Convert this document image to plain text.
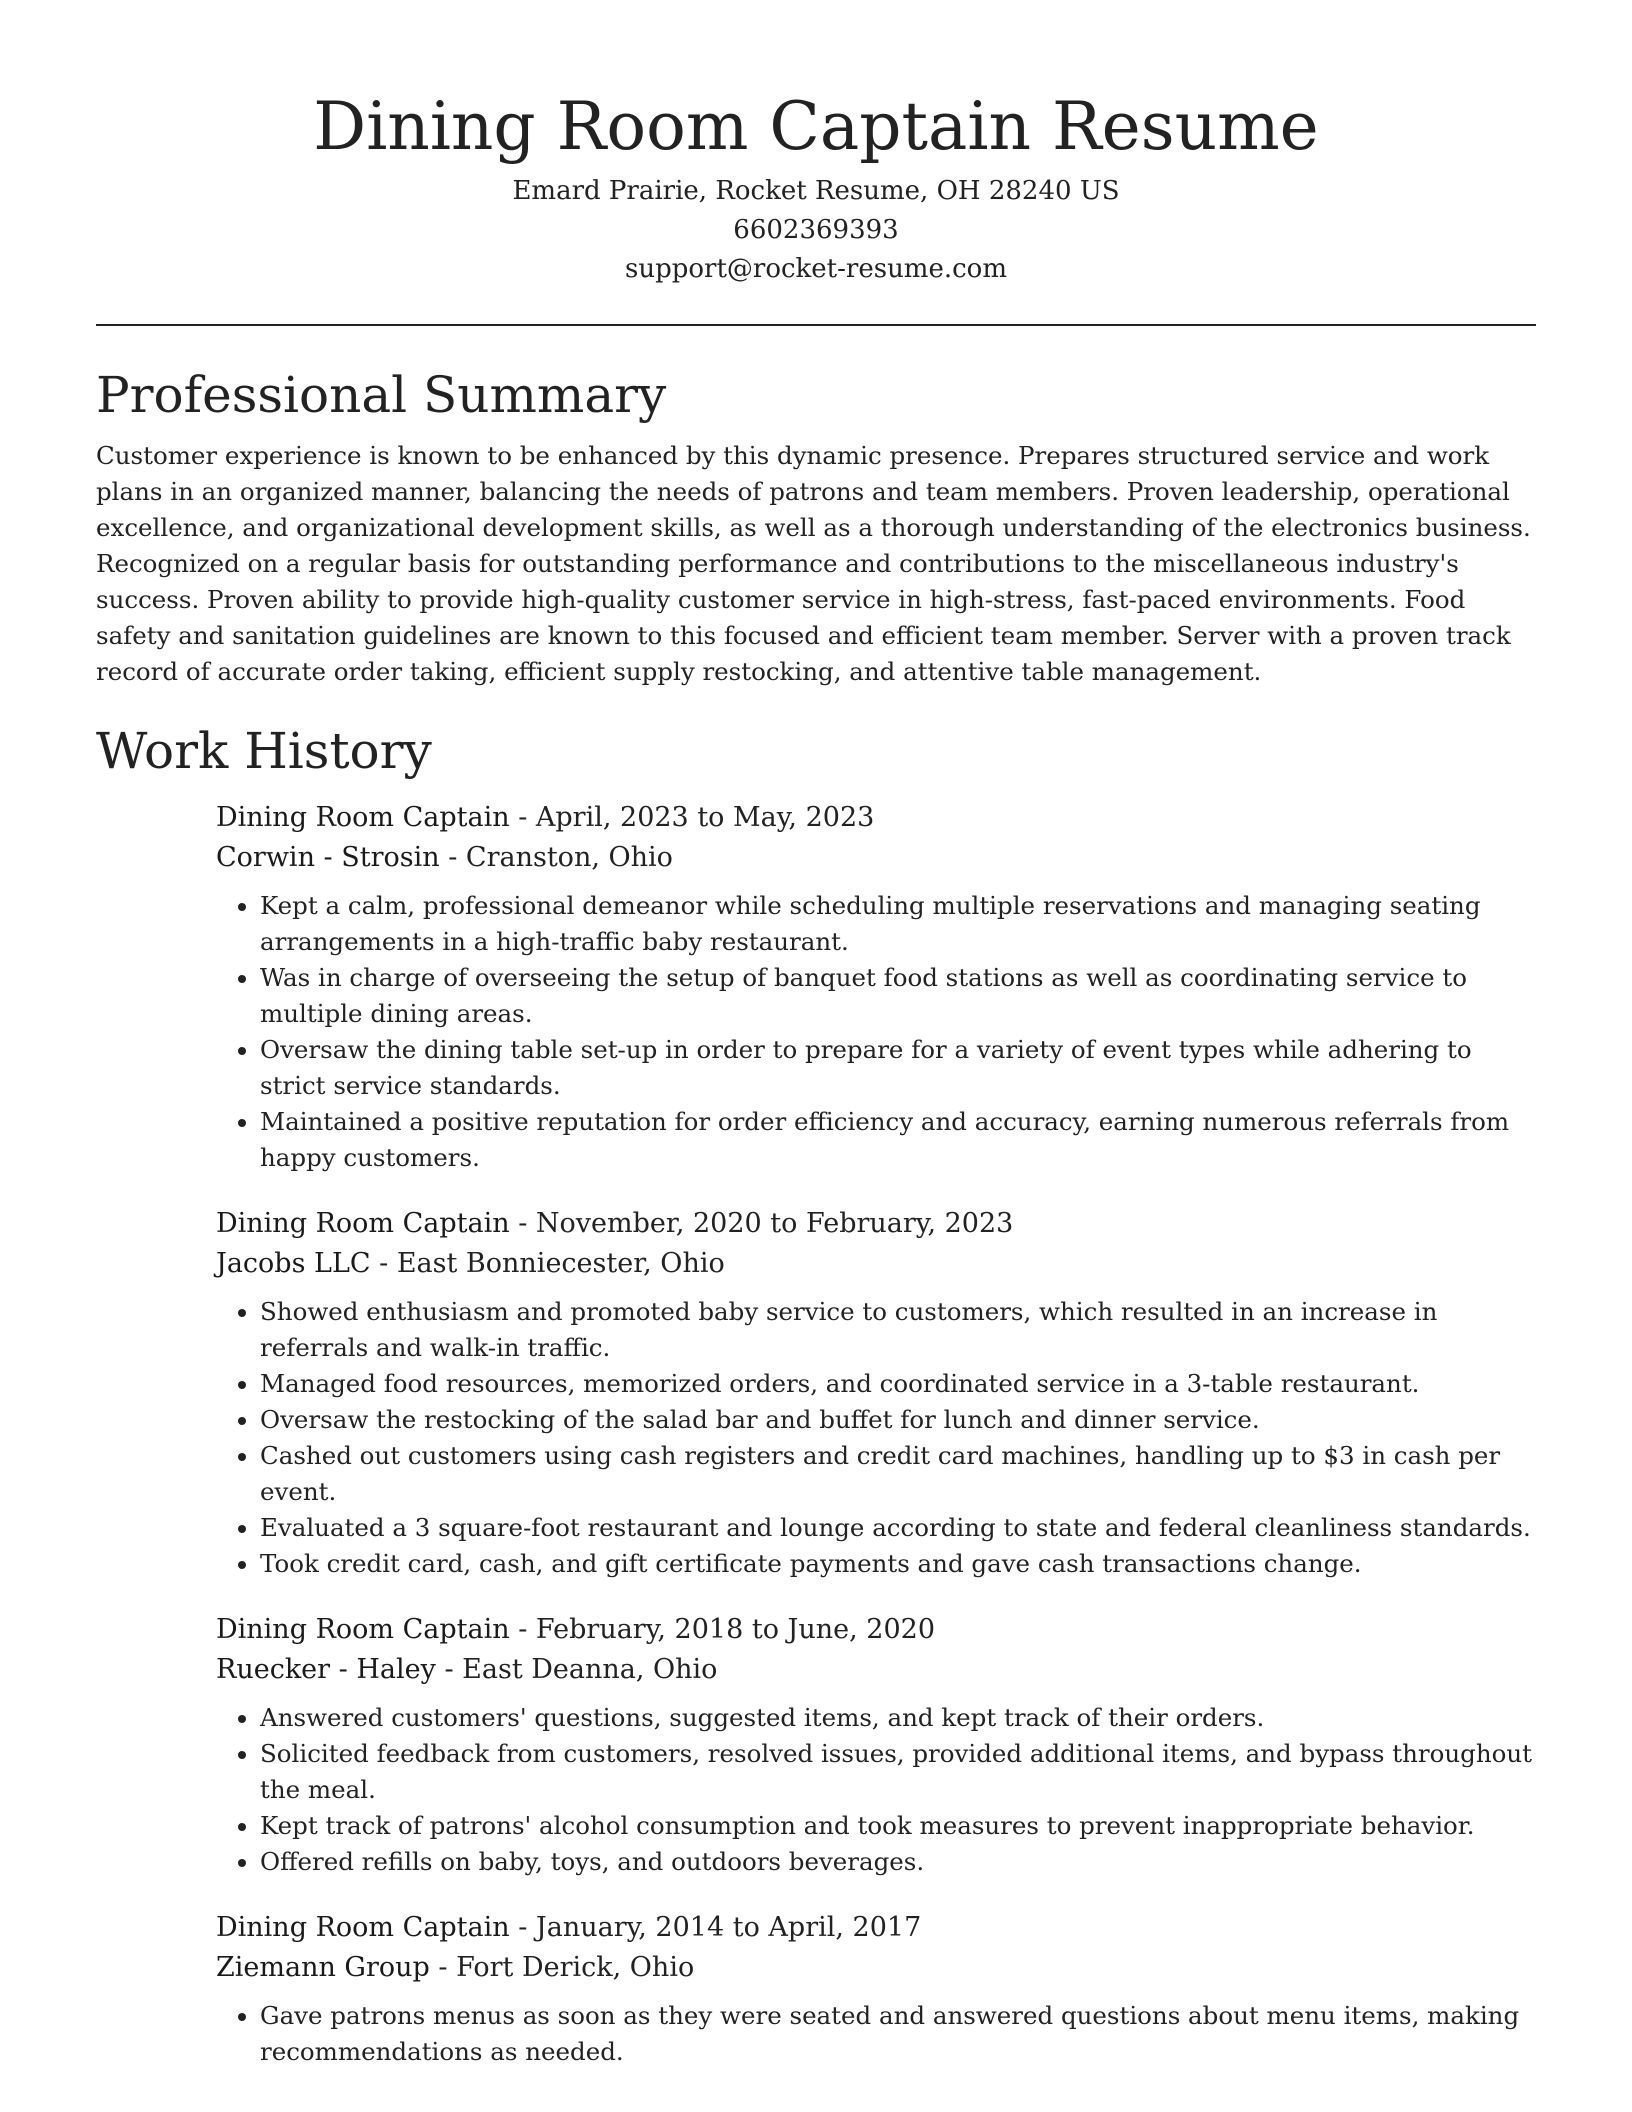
Dining Room Captain Resume
Emard Prairie, Rocket Resume, OH 28240 US
6602369393
support@rocket-resume.com
Professional Summary

Customer experience is known to be enhanced by this dynamic presence. Prepares structured service and work plans in an organized manner, balancing the needs of patrons and team members. Proven leadership, operational excellence, and organizational development skills, as well as a thorough understanding of the electronics business. Recognized on a regular basis for outstanding performance and contributions to the miscellaneous industry's success. Proven ability to provide high-quality customer service in high-stress, fast-paced environments. Food safety and sanitation guidelines are known to this focused and efficient team member. Server with a proven track record of accurate order taking, efficient supply restocking, and attentive table management.

Work History
Dining Room Captain - April, 2023 to May, 2023
Corwin - Strosin - Cranston, Ohio
• Kept a calm, professional demeanor while scheduling multiple reservations and managing seating arrangements in a high-traffic baby restaurant.
• Was in charge of overseeing the setup of banquet food stations as well as coordinating service to multiple dining areas.
• Oversaw the dining table set-up in order to prepare for a variety of event types while adhering to strict service standards.
• Maintained a positive reputation for order efficiency and accuracy, earning numerous referrals from happy customers.
Dining Room Captain - November, 2020 to February, 2023
Jacobs LLC - East Bonniecester, Ohio
• Showed enthusiasm and promoted baby service to customers, which resulted in an increase in referrals and walk-in traffic.
• Managed food resources, memorized orders, and coordinated service in a 3-table restaurant.
• Oversaw the restocking of the salad bar and buffet for lunch and dinner service.
• Cashed out customers using cash registers and credit card machines, handling up to $3 in cash per event.
• Evaluated a 3 square-foot restaurant and lounge according to state and federal cleanliness standards.
• Took credit card, cash, and gift certificate payments and gave cash transactions change.
Dining Room Captain - February, 2018 to June, 2020
Ruecker - Haley - East Deanna, Ohio
• Answered customers' questions, suggested items, and kept track of their orders.
• Solicited feedback from customers, resolved issues, provided additional items, and bypass throughout the meal.
• Kept track of patrons' alcohol consumption and took measures to prevent inappropriate behavior.
• Offered refills on baby, toys, and outdoors beverages.
Dining Room Captain - January, 2014 to April, 2017
Ziemann Group - Fort Derick, Ohio
• Gave patrons menus as soon as they were seated and answered questions about menu items, making recommendations as needed.
